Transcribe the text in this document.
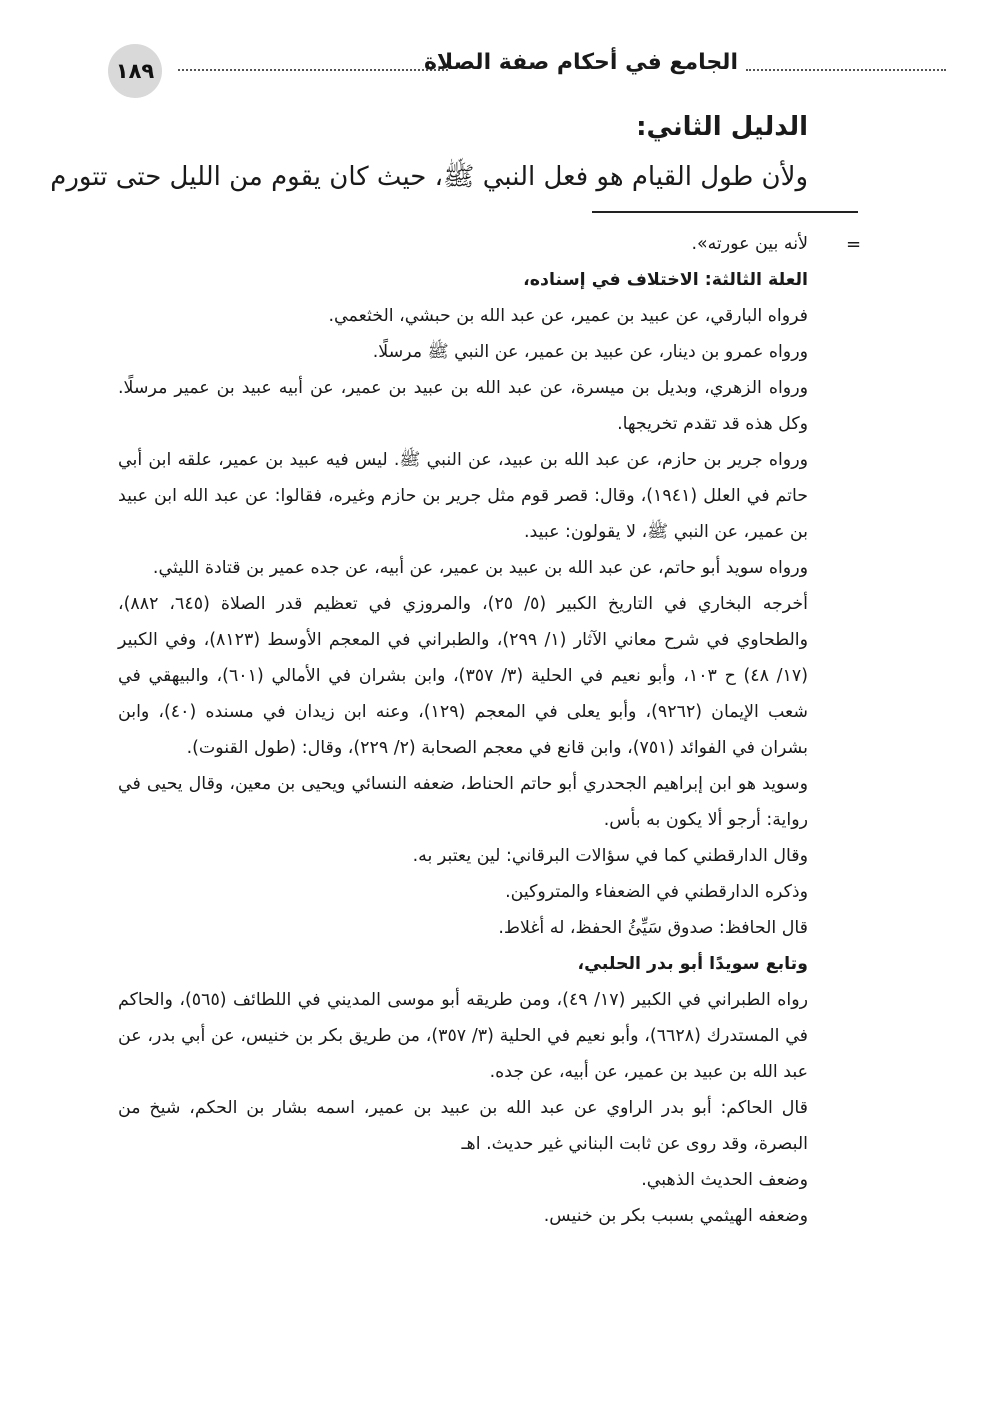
١٨٩	الجامع في أحكام صفة الصلاة
الدليل الثاني:
ولأن طول القيام هو فعل النبي ﷺ، حيث كان يقوم من الليل حتى تتورم
=

لأنه بين عورته».

العلة الثالثة: الاختلاف في إسناده،

فرواه البارقي، عن عبيد بن عمير، عن عبد الله بن حبشي، الخثعمي.

ورواه عمرو بن دينار، عن عبيد بن عمير، عن النبي ﷺ مرسلًا.

ورواه الزهري، وبديل بن ميسرة، عن عبد الله بن عبيد بن عمير، عن أبيه عبيد بن عمير مرسلًا. وكل هذه قد تقدم تخريجها.

ورواه جرير بن حازم، عن عبد الله بن عبيد، عن النبي ﷺ. ليس فيه عبيد بن عمير، علقه ابن أبي حاتم في العلل (١٩٤١)، وقال: قصر قوم مثل جرير بن حازم وغيره، فقالوا: عن عبد الله ابن عبيد بن عمير، عن النبي ﷺ، لا يقولون: عبيد.

ورواه سويد أبو حاتم، عن عبد الله بن عبيد بن عمير، عن أبيه، عن جده عمير بن قتادة الليثي.

أخرجه البخاري في التاريخ الكبير (٥/ ٢٥)، والمروزي في تعظيم قدر الصلاة (٦٤٥، ٨٨٢)، والطحاوي في شرح معاني الآثار (١/ ٢٩٩)، والطبراني في المعجم الأوسط (٨١٢٣)، وفي الكبير (١٧/ ٤٨) ح ١٠٣، وأبو نعيم في الحلية (٣/ ٣٥٧)، وابن بشران في الأمالي (٦٠١)، والبيهقي في شعب الإيمان (٩٢٦٢)، وأبو يعلى في المعجم (١٢٩)، وعنه ابن زيدان في مسنده (٤٠)، وابن بشران في الفوائد (٧٥١)، وابن قانع في معجم الصحابة (٢/ ٢٢٩)، وقال: (طول القنوت).

وسويد هو ابن إبراهيم الجحدري أبو حاتم الحناط، ضعفه النسائي ويحيى بن معين، وقال يحيى في رواية: أرجو ألا يكون به بأس.

وقال الدارقطني كما في سؤالات البرقاني: لين يعتبر به.

وذكره الدارقطني في الضعفاء والمتروكين.

قال الحافظ: صدوق سَيِّئُ الحفظ، له أغلاط.

وتابع سويدًا أبو بدر الحلبي،

رواه الطبراني في الكبير (١٧/ ٤٩)، ومن طريقه أبو موسى المديني في اللطائف (٥٦٥)، والحاكم في المستدرك (٦٦٢٨)، وأبو نعيم في الحلية (٣/ ٣٥٧)، من طريق بكر بن خنيس، عن أبي بدر، عن عبد الله بن عبيد بن عمير، عن أبيه، عن جده.

قال الحاكم: أبو بدر الراوي عن عبد الله بن عبيد بن عمير، اسمه بشار بن الحكم، شيخ من البصرة، وقد روى عن ثابت البناني غير حديث. اهـ

وضعف الحديث الذهبي.

وضعفه الهيثمي بسبب بكر بن خنيس.
